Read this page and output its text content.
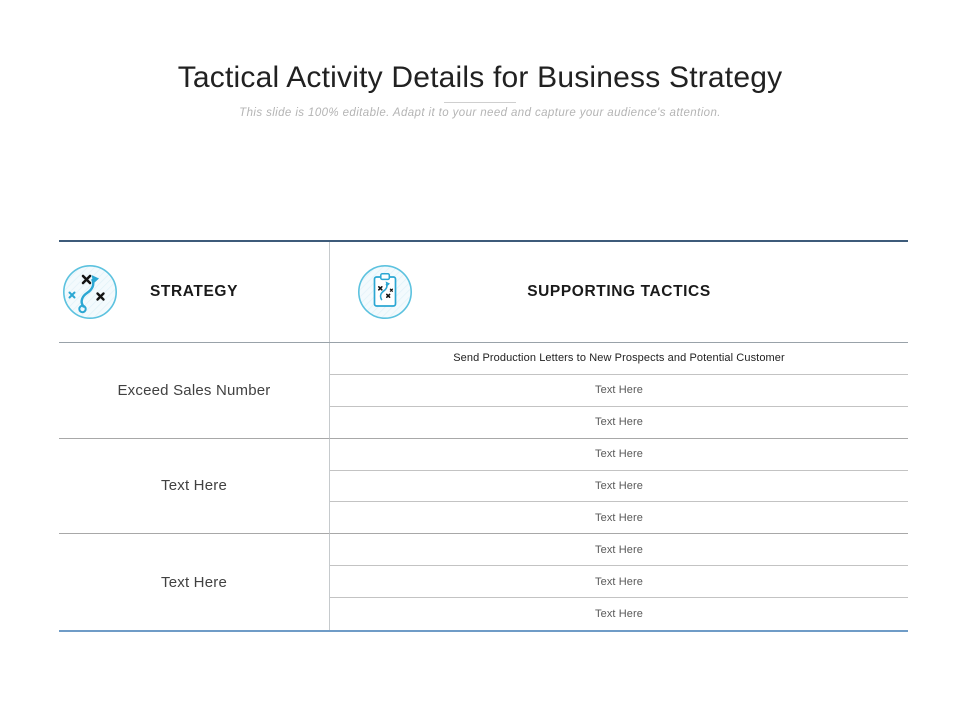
Tactical Activity Details for Business Strategy

This slide is 100% editable. Adapt it to your need and capture your audience's attention.

STRATEGY	SUPPORTING TACTICS
Exceed Sales Number
Send Production Letters to New Prospects and Potential Customer
Text Here
Text Here
Text Here
Text Here
Text Here
Text Here
Text Here
Text Here
Text Here
Text Here
